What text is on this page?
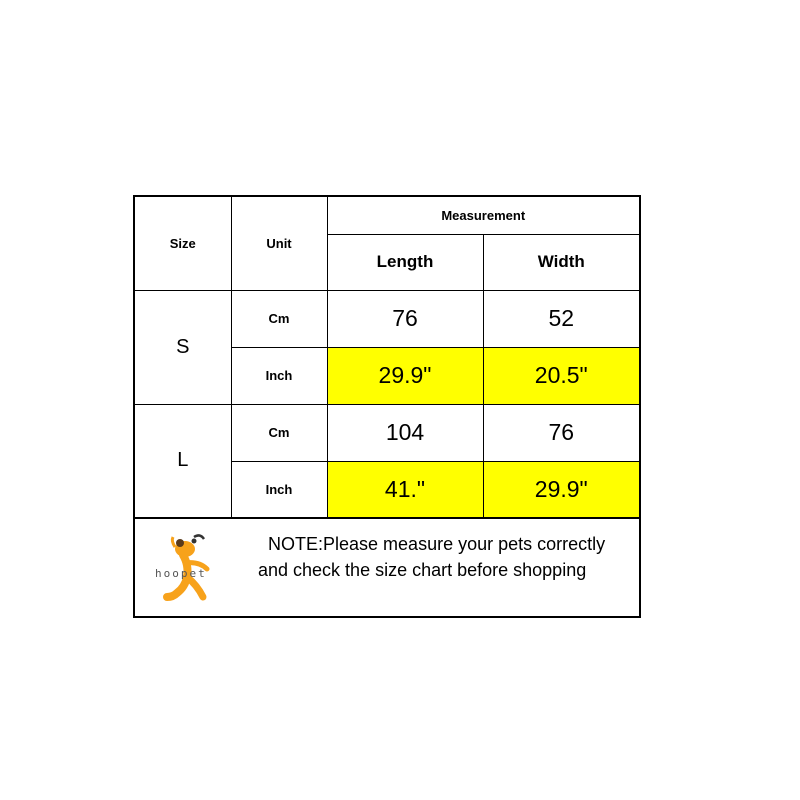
Size	Unit	Measurement	
		Length	Width
S	Cm	76	52
	Inch	29.9"	20.5"
L	Cm	104	76
	Inch	41."	29.9"
hoopet
NOTE:Please measure your pets correctly and check the size chart before shopping
